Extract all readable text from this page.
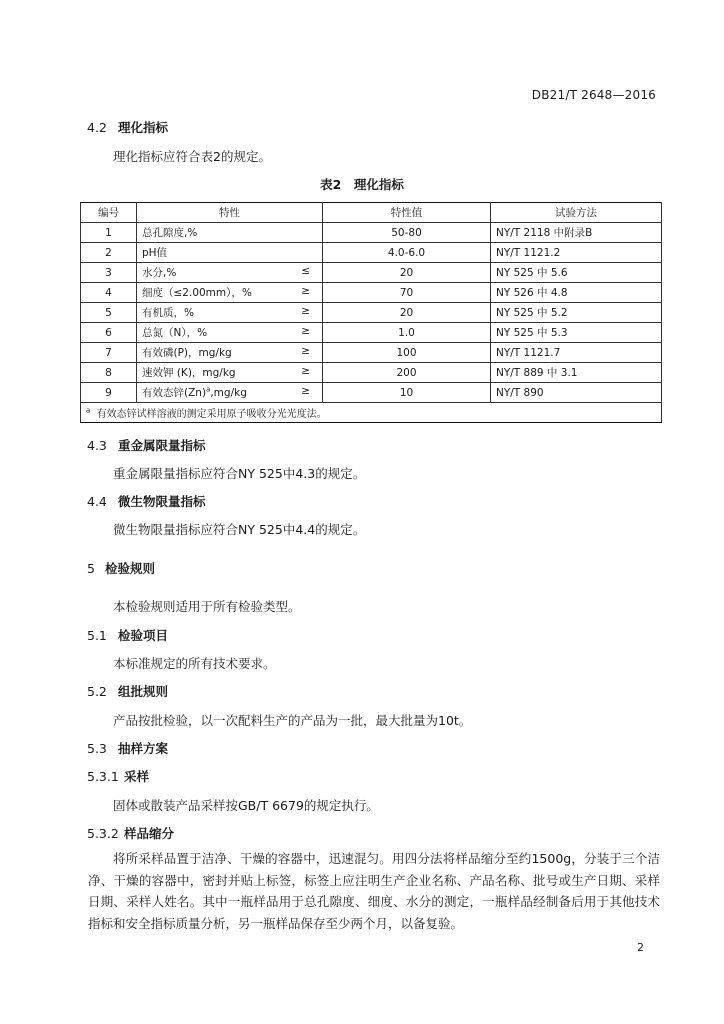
DB21/T 2648—2016
4.2 理化指标
理化指标应符合表2的规定。
表2　理化指标
编号	特性	特性值	试验方法
1	总孔隙度,%	50-80	NY/T 2118 中附录B
2	pH值	4.0-6.0	NY/T 1121.2
3	水分,% ≤	20	NY 525 中 5.6
4	细度（≤2.00mm），% ≥	70	NY 526 中 4.8
5	有机质，% ≥	20	NY 525 中 5.2
6	总氮（N），% ≥	1.0	NY 525 中 5.3
7	有效磷(P)，mg/kg ≥	100	NY/T 1121.7
8	速效钾 (K)，mg/kg ≥	200	NY/T 889 中 3.1
9	有效态锌(Zn)$^a$,mg/kg ≥	10	NY/T 890
$^a$ 有效态锌试样溶液的测定采用原子吸收分光光度法。			
4.3 重金属限量指标
重金属限量指标应符合NY 525中4.3的规定。
4.4 微生物限量指标
微生物限量指标应符合NY 525中4.4的规定。
5 检验规则
本检验规则适用于所有检验类型。
5.1 检验项目
本标准规定的所有技术要求。
5.2 组批规则
产品按批检验，以一次配料生产的产品为一批，最大批量为10t。
5.3 抽样方案
5.3.1 采样
固体或散装产品采样按GB/T 6679的规定执行。
5.3.2 样品缩分
将所采样品置于洁净、干燥的容器中，迅速混匀。用四分法将样品缩分至约1500g，分装于三个洁净、干燥的容器中，密封并贴上标签，标签上应注明生产企业名称、产品名称、批号或生产日期、采样日期、采样人姓名。其中一瓶样品用于总孔隙度、细度、水分的测定，一瓶样品经制备后用于其他技术指标和安全指标质量分析，另一瓶样品保存至少两个月，以备复验。
2
